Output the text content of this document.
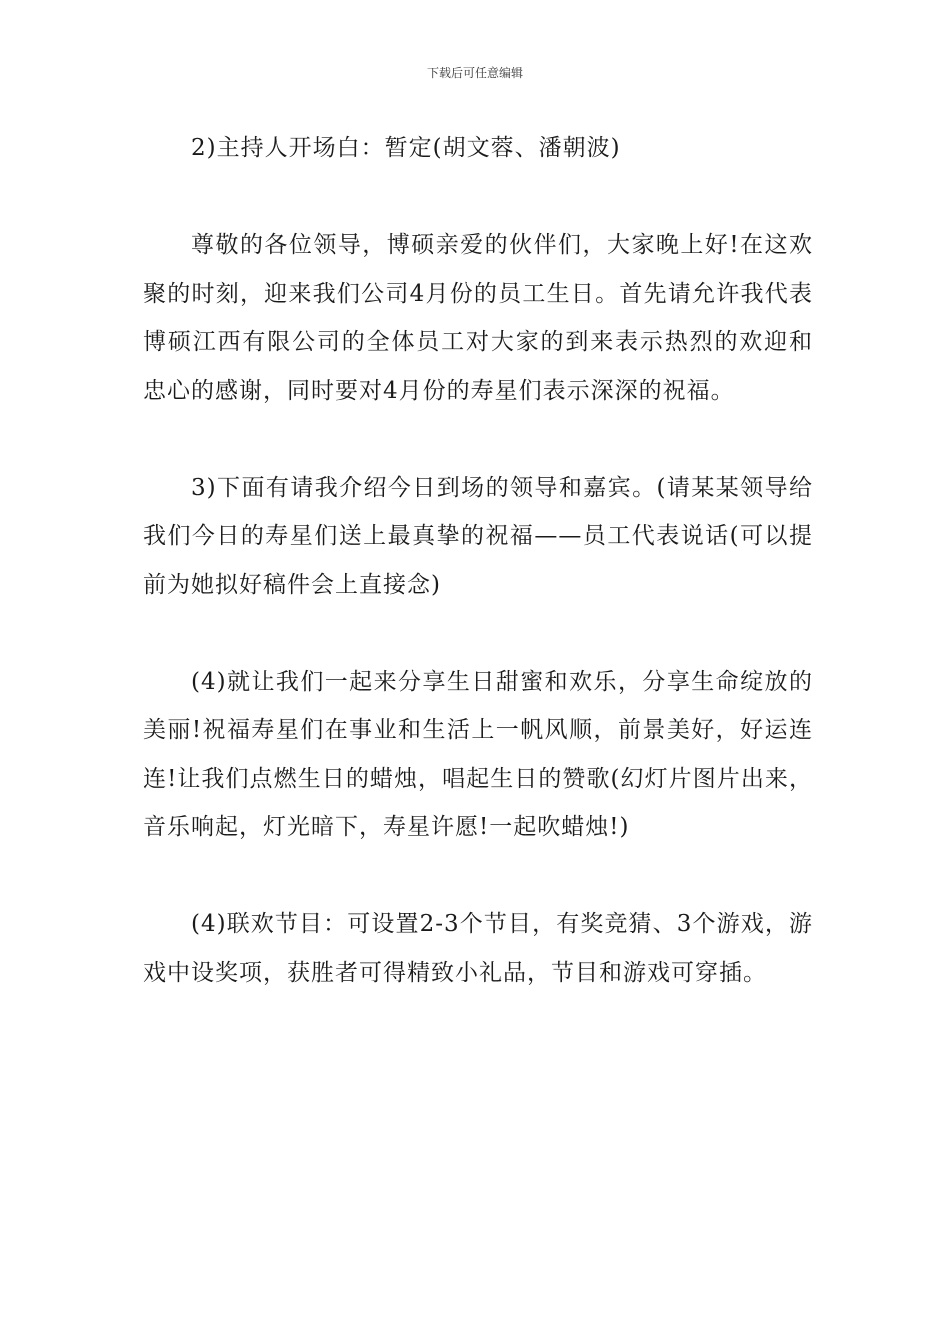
下载后可任意编辑

2)主持人开场白：暂定(胡文蓉、潘朝波)

尊敬的各位领导，博硕亲爱的伙伴们，大家晚上好!在这欢聚的时刻，迎来我们公司4月份的员工生日。首先请允许我代表博硕江西有限公司的全体员工对大家的到来表示热烈的欢迎和忠心的感谢，同时要对4月份的寿星们表示深深的祝福。

3)下面有请我介绍今日到场的领导和嘉宾。(请某某领导给我们今日的寿星们送上最真挚的祝福——员工代表说话(可以提前为她拟好稿件会上直接念)

(4)就让我们一起来分享生日甜蜜和欢乐，分享生命绽放的美丽!祝福寿星们在事业和生活上一帆风顺，前景美好，好运连连!让我们点燃生日的蜡烛，唱起生日的赞歌(幻灯片图片出来，音乐响起，灯光暗下，寿星许愿!一起吹蜡烛!)

(4)联欢节目：可设置2-3个节目，有奖竞猜、3个游戏，游戏中设奖项，获胜者可得精致小礼品，节目和游戏可穿插。
